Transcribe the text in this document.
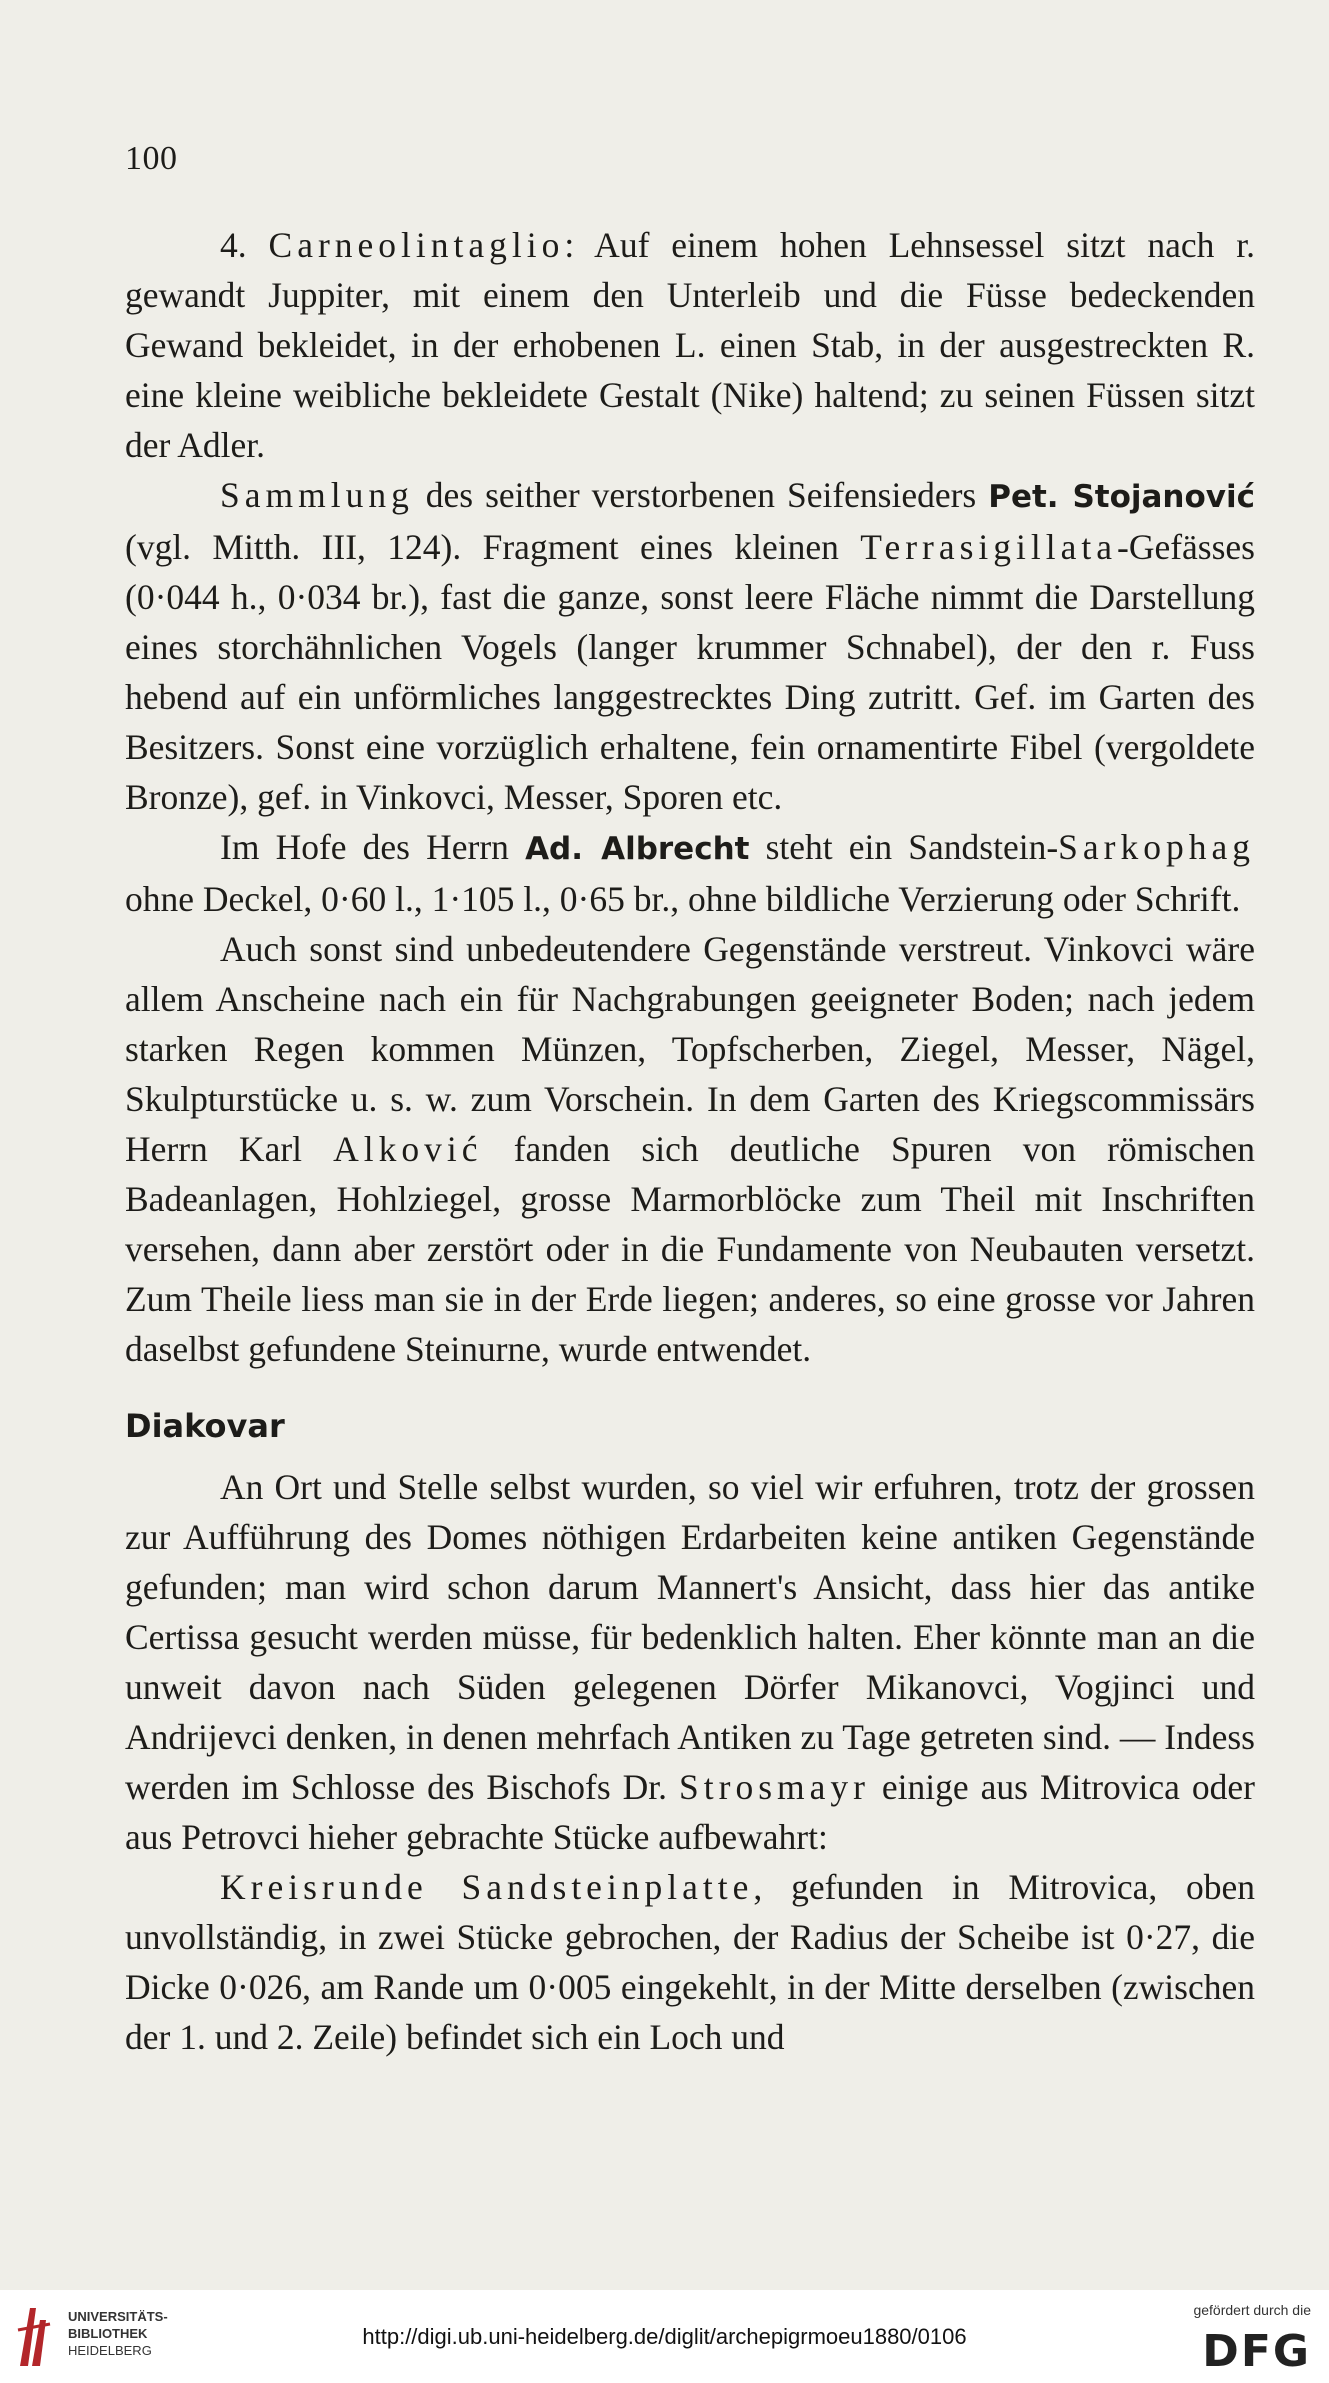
100

4. Carneolintaglio: Auf einem hohen Lehnsessel sitzt nach r. gewandt Juppiter, mit einem den Unterleib und die Füsse bedeckenden Gewand bekleidet, in der erhobenen L. einen Stab, in der ausgestreckten R. eine kleine weibliche bekleidete Gestalt (Nike) haltend; zu seinen Füssen sitzt der Adler.

Sammlung des seither verstorbenen Seifensieders Pet. Stojanović (vgl. Mitth. III, 124). Fragment eines kleinen Terrasigillata-Gefässes (0·044 h., 0·034 br.), fast die ganze, sonst leere Fläche nimmt die Darstellung eines storchähnlichen Vogels (langer krummer Schnabel), der den r. Fuss hebend auf ein unförmliches langgestrecktes Ding zutritt. Gef. im Garten des Besitzers. Sonst eine vorzüglich erhaltene, fein ornamentirte Fibel (vergoldete Bronze), gef. in Vinkovci, Messer, Sporen etc.

Im Hofe des Herrn Ad. Albrecht steht ein Sandstein-Sarkophag ohne Deckel, 0·60 l., 1·105 l., 0·65 br., ohne bildliche Verzierung oder Schrift.

Auch sonst sind unbedeutendere Gegenstände verstreut. Vinkovci wäre allem Anscheine nach ein für Nachgrabungen geeigneter Boden; nach jedem starken Regen kommen Münzen, Topfscherben, Ziegel, Messer, Nägel, Skulpturstücke u. s. w. zum Vorschein. In dem Garten des Kriegscommissärs Herrn Karl Alković fanden sich deutliche Spuren von römischen Badeanlagen, Hohlziegel, grosse Marmorblöcke zum Theil mit Inschriften versehen, dann aber zerstört oder in die Fundamente von Neubauten versetzt. Zum Theile liess man sie in der Erde liegen; anderes, so eine grosse vor Jahren daselbst gefundene Steinurne, wurde entwendet.

Diakovar

An Ort und Stelle selbst wurden, so viel wir erfuhren, trotz der grossen zur Aufführung des Domes nöthigen Erdarbeiten keine antiken Gegenstände gefunden; man wird schon darum Mannert's Ansicht, dass hier das antike Certissa gesucht werden müsse, für bedenklich halten. Eher könnte man an die unweit davon nach Süden gelegenen Dörfer Mikanovci, Vogjinci und Andrijevci denken, in denen mehrfach Antiken zu Tage getreten sind. — Indess werden im Schlosse des Bischofs Dr. Strosmayr einige aus Mitrovica oder aus Petrovci hieher gebrachte Stücke aufbewahrt:

Kreisrunde Sandsteinplatte, gefunden in Mitrovica, oben unvollständig, in zwei Stücke gebrochen, der Radius der Scheibe ist 0·27, die Dicke 0·026, am Rande um 0·005 eingekehlt, in der Mitte derselben (zwischen der 1. und 2. Zeile) befindet sich ein Loch und

UNIVERSITÄTS-
BIBLIOTHEK
HEIDELBERG
http://digi.ub.uni-heidelberg.de/diglit/archepigrmoeu1880/0106
gefördert durch die
DFG
